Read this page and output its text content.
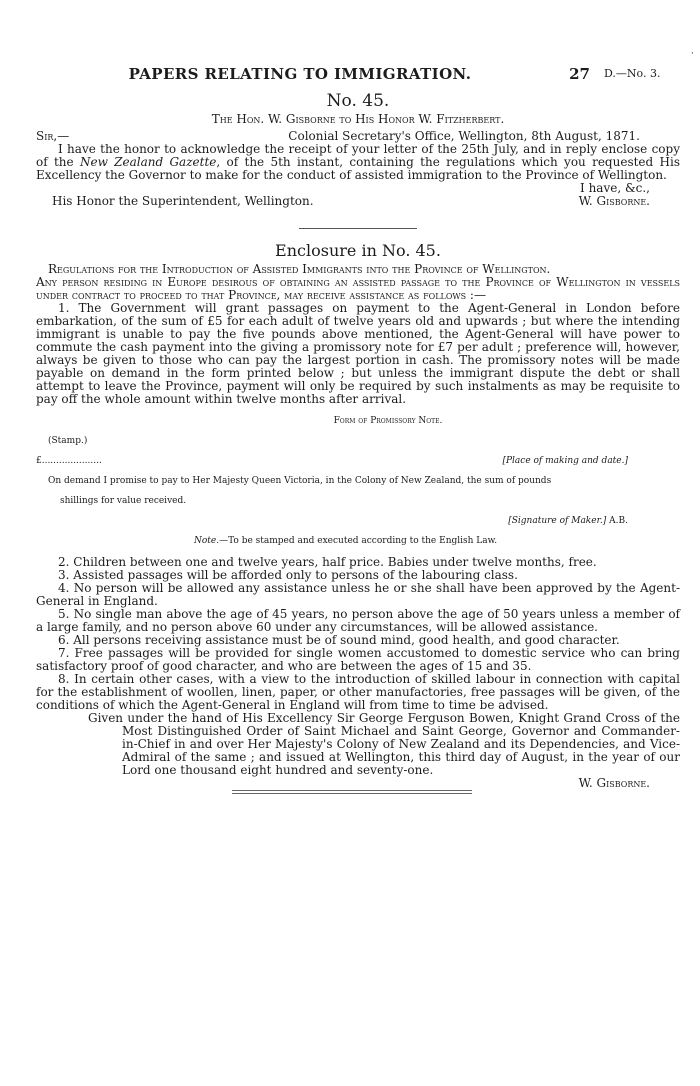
·
PAPERS RELATING TO IMMIGRATION.	27 D.—No. 3.

No. 45.

The Hon. W. Gisborne to His Honor W. Fitzherbert.

Sir,—	Colonial Secretary's Office, Wellington, 8th August, 1871.

I have the honor to acknowledge the receipt of your letter of the 25th July, and in reply enclose copy of the New Zealand Gazette, of the 5th instant, containing the regulations which you requested His Excellency the Governor to make for the conduct of assisted immigration to the Province of Wellington.

I have, &c.,

His Honor the Superintendent, Wellington.	W. Gisborne.

Enclosure in No. 45.

Regulations for the Introduction of Assisted Immigrants into the Province of Wellington.

Any person residing in Europe desirous of obtaining an assisted passage to the Province of Wellington in vessels under contract to proceed to that Province, may receive assistance as follows :—

1. The Government will grant passages on payment to the Agent-General in London before embarkation, of the sum of £5 for each adult of twelve years old and upwards ; but where the intending immigrant is unable to pay the five pounds above mentioned, the Agent-General will have power to commute the cash payment into the giving a promissory note for £7 per adult ; preference will, however, always be given to those who can pay the largest portion in cash. The promissory notes will be made payable on demand in the form printed below ; but unless the immigrant dispute the debt or shall attempt to leave the Province, payment will only be required by such instalments as may be requisite to pay off the whole amount within twelve months after arrival.

Form of Promissory Note.

(Stamp.)

£.....................	[Place of making and date.]

On demand I promise to pay to Her Majesty Queen Victoria, in the Colony of New Zealand, the sum of pounds

shillings for value received.

[Signature of Maker.] A.B.

Note.—To be stamped and executed according to the English Law.

2. Children between one and twelve years, half price. Babies under twelve months, free.

3. Assisted passages will be afforded only to persons of the labouring class.

4. No person will be allowed any assistance unless he or she shall have been approved by the Agent-General in England.

5. No single man above the age of 45 years, no person above the age of 50 years unless a member of a large family, and no person above 60 under any circumstances, will be allowed assistance.

6. All persons receiving assistance must be of sound mind, good health, and good character.

7. Free passages will be provided for single women accustomed to domestic service who can bring satisfactory proof of good character, and who are between the ages of 15 and 35.

8. In certain other cases, with a view to the introduction of skilled labour in connection with capital for the establishment of woollen, linen, paper, or other manufactories, free passages will be given, of the conditions of which the Agent-General in England will from time to time be advised.

Given under the hand of His Excellency Sir George Ferguson Bowen, Knight Grand Cross of the Most Distinguished Order of Saint Michael and Saint George, Governor and Commander-in-Chief in and over Her Majesty's Colony of New Zealand and its Dependencies, and Vice-Admiral of the same ; and issued at Wellington, this third day of August, in the year of our Lord one thousand eight hundred and seventy-one.

W. Gisborne.
